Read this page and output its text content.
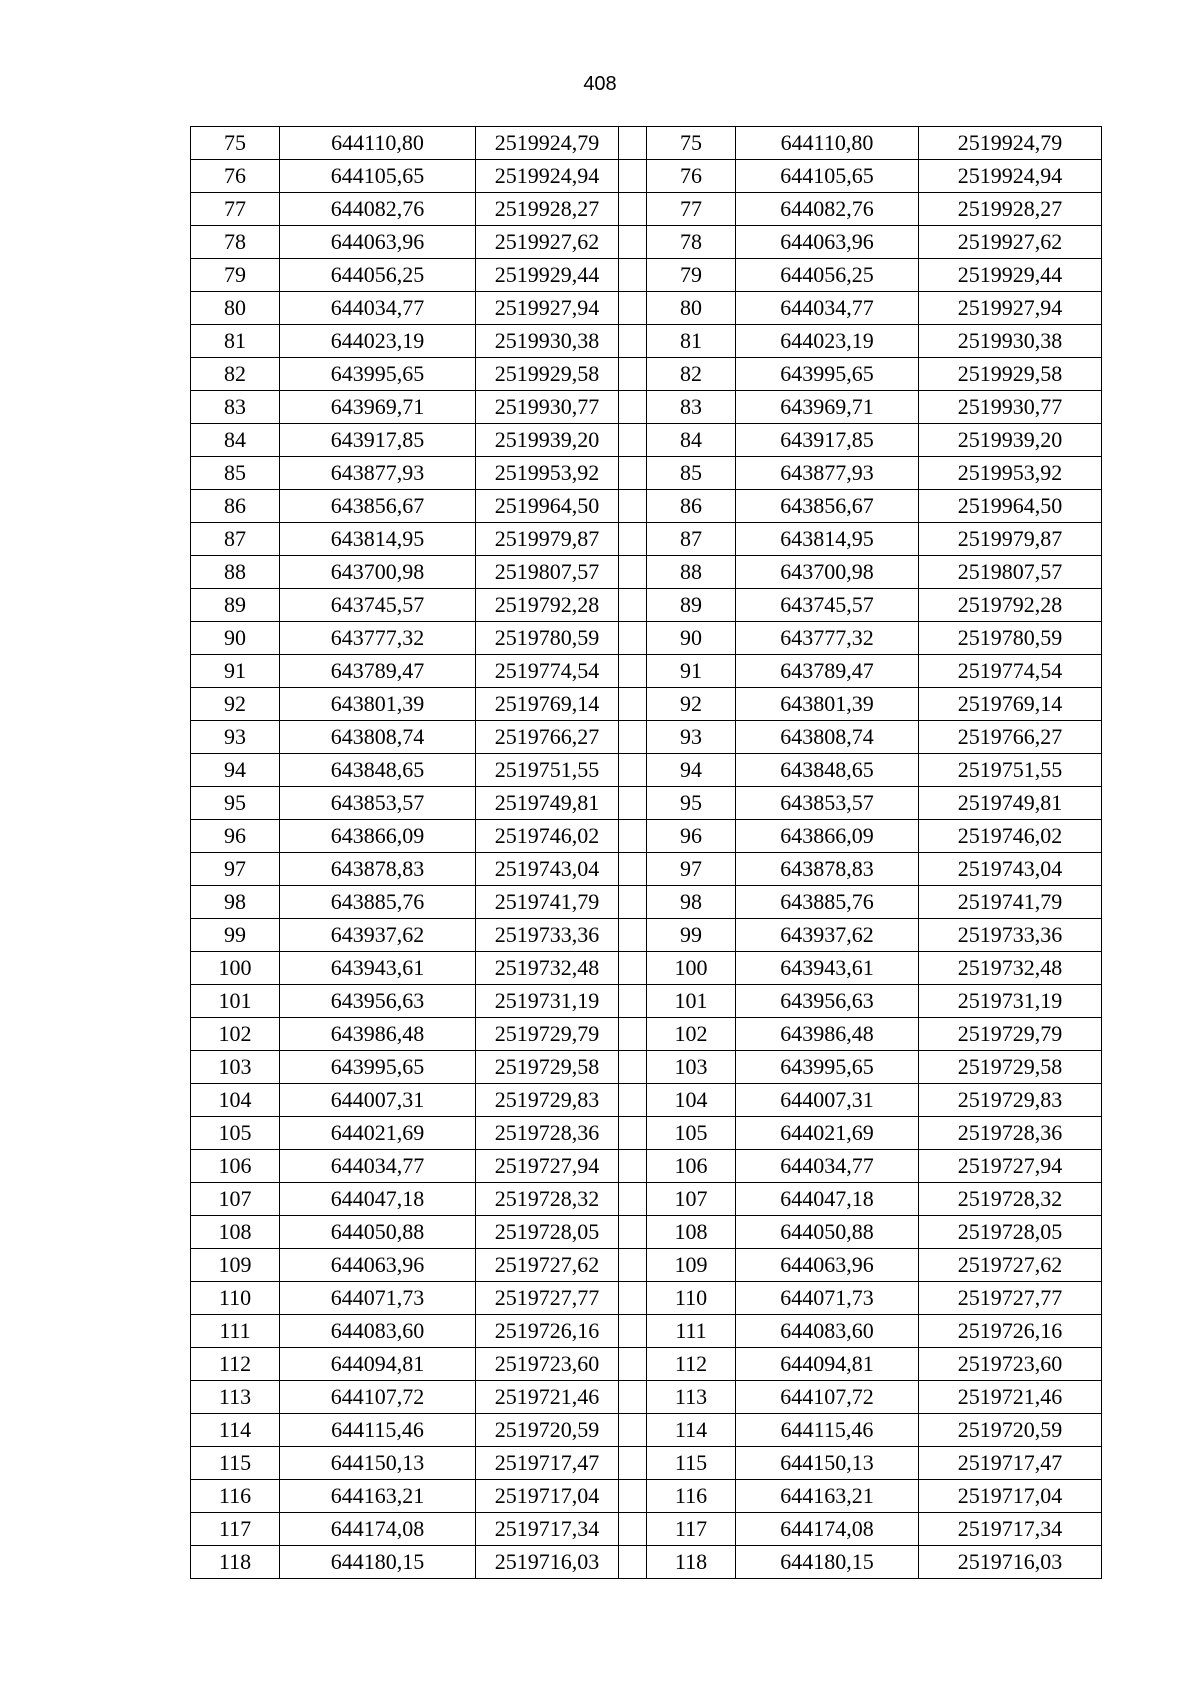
408
75	644110,80	2519924,79		75	644110,80	2519924,79
76	644105,65	2519924,94		76	644105,65	2519924,94
77	644082,76	2519928,27		77	644082,76	2519928,27
78	644063,96	2519927,62		78	644063,96	2519927,62
79	644056,25	2519929,44		79	644056,25	2519929,44
80	644034,77	2519927,94		80	644034,77	2519927,94
81	644023,19	2519930,38		81	644023,19	2519930,38
82	643995,65	2519929,58		82	643995,65	2519929,58
83	643969,71	2519930,77		83	643969,71	2519930,77
84	643917,85	2519939,20		84	643917,85	2519939,20
85	643877,93	2519953,92		85	643877,93	2519953,92
86	643856,67	2519964,50		86	643856,67	2519964,50
87	643814,95	2519979,87		87	643814,95	2519979,87
88	643700,98	2519807,57		88	643700,98	2519807,57
89	643745,57	2519792,28		89	643745,57	2519792,28
90	643777,32	2519780,59		90	643777,32	2519780,59
91	643789,47	2519774,54		91	643789,47	2519774,54
92	643801,39	2519769,14		92	643801,39	2519769,14
93	643808,74	2519766,27		93	643808,74	2519766,27
94	643848,65	2519751,55		94	643848,65	2519751,55
95	643853,57	2519749,81		95	643853,57	2519749,81
96	643866,09	2519746,02		96	643866,09	2519746,02
97	643878,83	2519743,04		97	643878,83	2519743,04
98	643885,76	2519741,79		98	643885,76	2519741,79
99	643937,62	2519733,36		99	643937,62	2519733,36
100	643943,61	2519732,48		100	643943,61	2519732,48
101	643956,63	2519731,19		101	643956,63	2519731,19
102	643986,48	2519729,79		102	643986,48	2519729,79
103	643995,65	2519729,58		103	643995,65	2519729,58
104	644007,31	2519729,83		104	644007,31	2519729,83
105	644021,69	2519728,36		105	644021,69	2519728,36
106	644034,77	2519727,94		106	644034,77	2519727,94
107	644047,18	2519728,32		107	644047,18	2519728,32
108	644050,88	2519728,05		108	644050,88	2519728,05
109	644063,96	2519727,62		109	644063,96	2519727,62
110	644071,73	2519727,77		110	644071,73	2519727,77
111	644083,60	2519726,16		111	644083,60	2519726,16
112	644094,81	2519723,60		112	644094,81	2519723,60
113	644107,72	2519721,46		113	644107,72	2519721,46
114	644115,46	2519720,59		114	644115,46	2519720,59
115	644150,13	2519717,47		115	644150,13	2519717,47
116	644163,21	2519717,04		116	644163,21	2519717,04
117	644174,08	2519717,34		117	644174,08	2519717,34
118	644180,15	2519716,03		118	644180,15	2519716,03
